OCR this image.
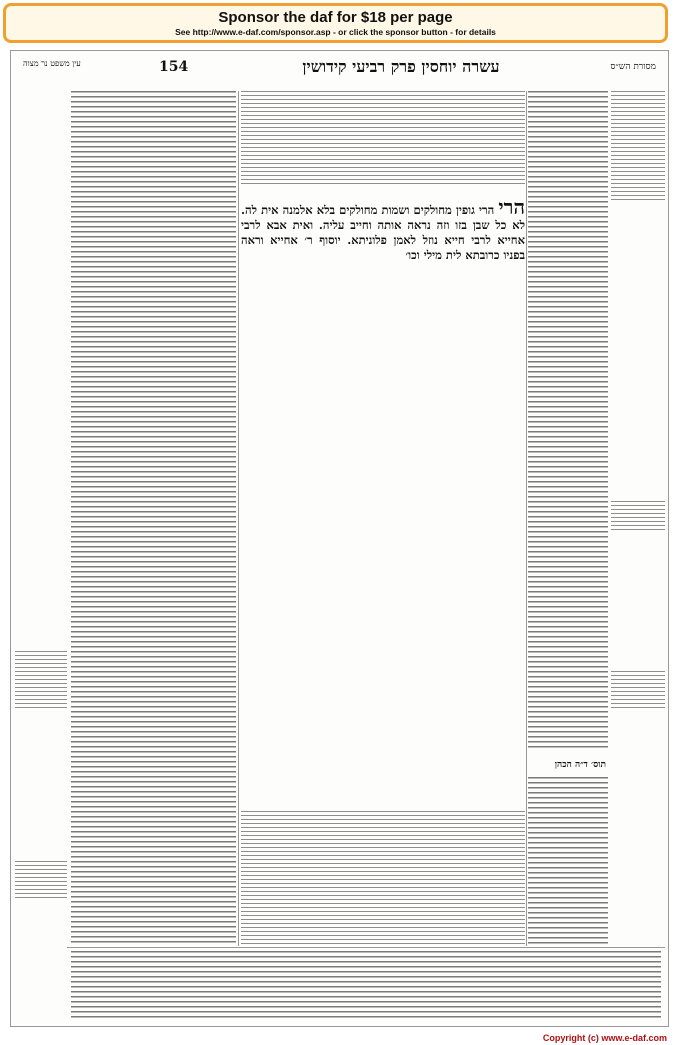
Sponsor the daf for $18 per page
See http://www.e-daf.com/sponsor.asp - or click the sponsor button - for details
עין משפט נר מצוה	154	עשרה יוחסין פרק רביעי קידושין	מסורת הש״ס
תוס׳ ד״ה הכהן
הרי הרי גופין מחולקים ושמות מחולקים בלא אלמנה אית לה. לא כל שבן בזו וזה נראה אותה וחייב עליה. ואית אבא לרבי אחייא לרבי חייא נוזל לאמן פלוניתא. יוסוף ר׳ אחייא וראה בפניו כרובתא לית מילי וכו׳
Copyright (c) www.e-daf.com
